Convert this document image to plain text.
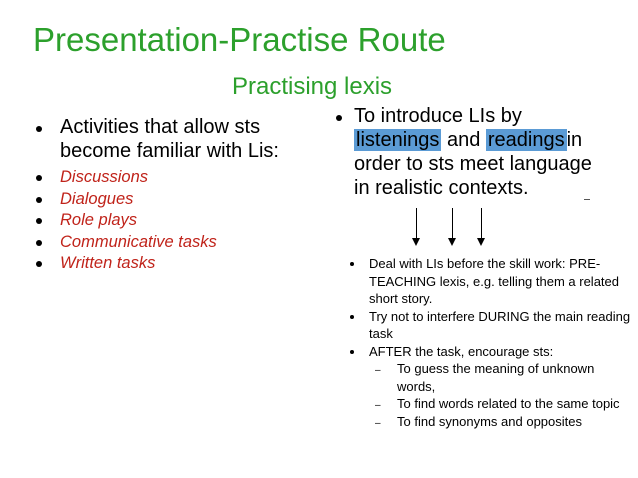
Presentation-Practise Route
Practising lexis
Activities that allow sts become familiar with Lis:
Discussions
Dialogues
Role plays
Communicative tasks
Written tasks
To introduce LIs by
listenings and readings in
order to sts meet language
in realistic contexts.
Deal with LIs before the skill work: PRE-TEACHING lexis, e.g. telling them a related short story.
Try not to interfere DURING the main reading task
AFTER the task, encourage sts:
– To guess the meaning of unknown words,
– To find words related to the same topic
– To find synonyms and opposites
